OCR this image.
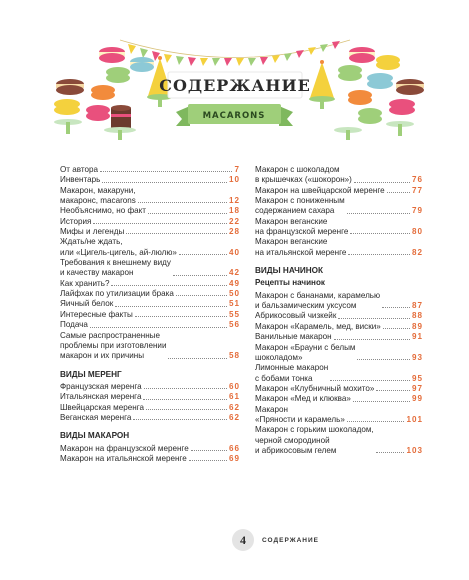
СОДЕРЖАНИЕ
MACARONS
От автора	7
Инвентарь	10
Макарон, макаруни,
макаронс, macarons	12
Необъяснимо, но факт	18
История	22
Мифы и легенды	28
Ждать/не ждать,
или «Цигель-цигель, ай-люлю»	40
Требования к внешнему виду
и качеству макарон	42
Как хранить?	49
Лайфхак по утилизации брака	50
Яичный белок	51
Интересные факты	55
Подача	56
Самые распространенные
проблемы при изготовлении
макарон и их причины	58
ВИДЫ МЕРЕНГ
Французская меренга	60
Итальянская меренга	61
Швейцарская меренга	62
Веганская меренга	62
ВИДЫ МАКАРОН
Макарон на французской меренге	66
Макарон на итальянской меренге	69
Макарон с шоколадом
в крышечках («шокорон»)	76
Макарон на швейцарской меренге	77
Макарон с пониженным
содержанием сахара	79
Макарон веганские
на французской меренге	80
Макарон веганские
на итальянской меренге	82
ВИДЫ НАЧИНОК
Рецепты начинок
Макарон с бананами, карамелью
и бальзамическим уксусом	87
Абрикосовый чизкейк	88
Макарон «Карамель, мед, виски»	89
Ванильные макарон	91
Макарон «Брауни с белым
шоколадом»	93
Лимонные макарон
с бобами тонка	95
Макарон «Клубничный мохито»	97
Макарон «Мед и клюква»	99
Макарон
«Пряности и карамель»	101
Макарон с горьким шоколадом,
черной смородиной
и абрикосовым гелем	103
4	СОДЕРЖАНИЕ
